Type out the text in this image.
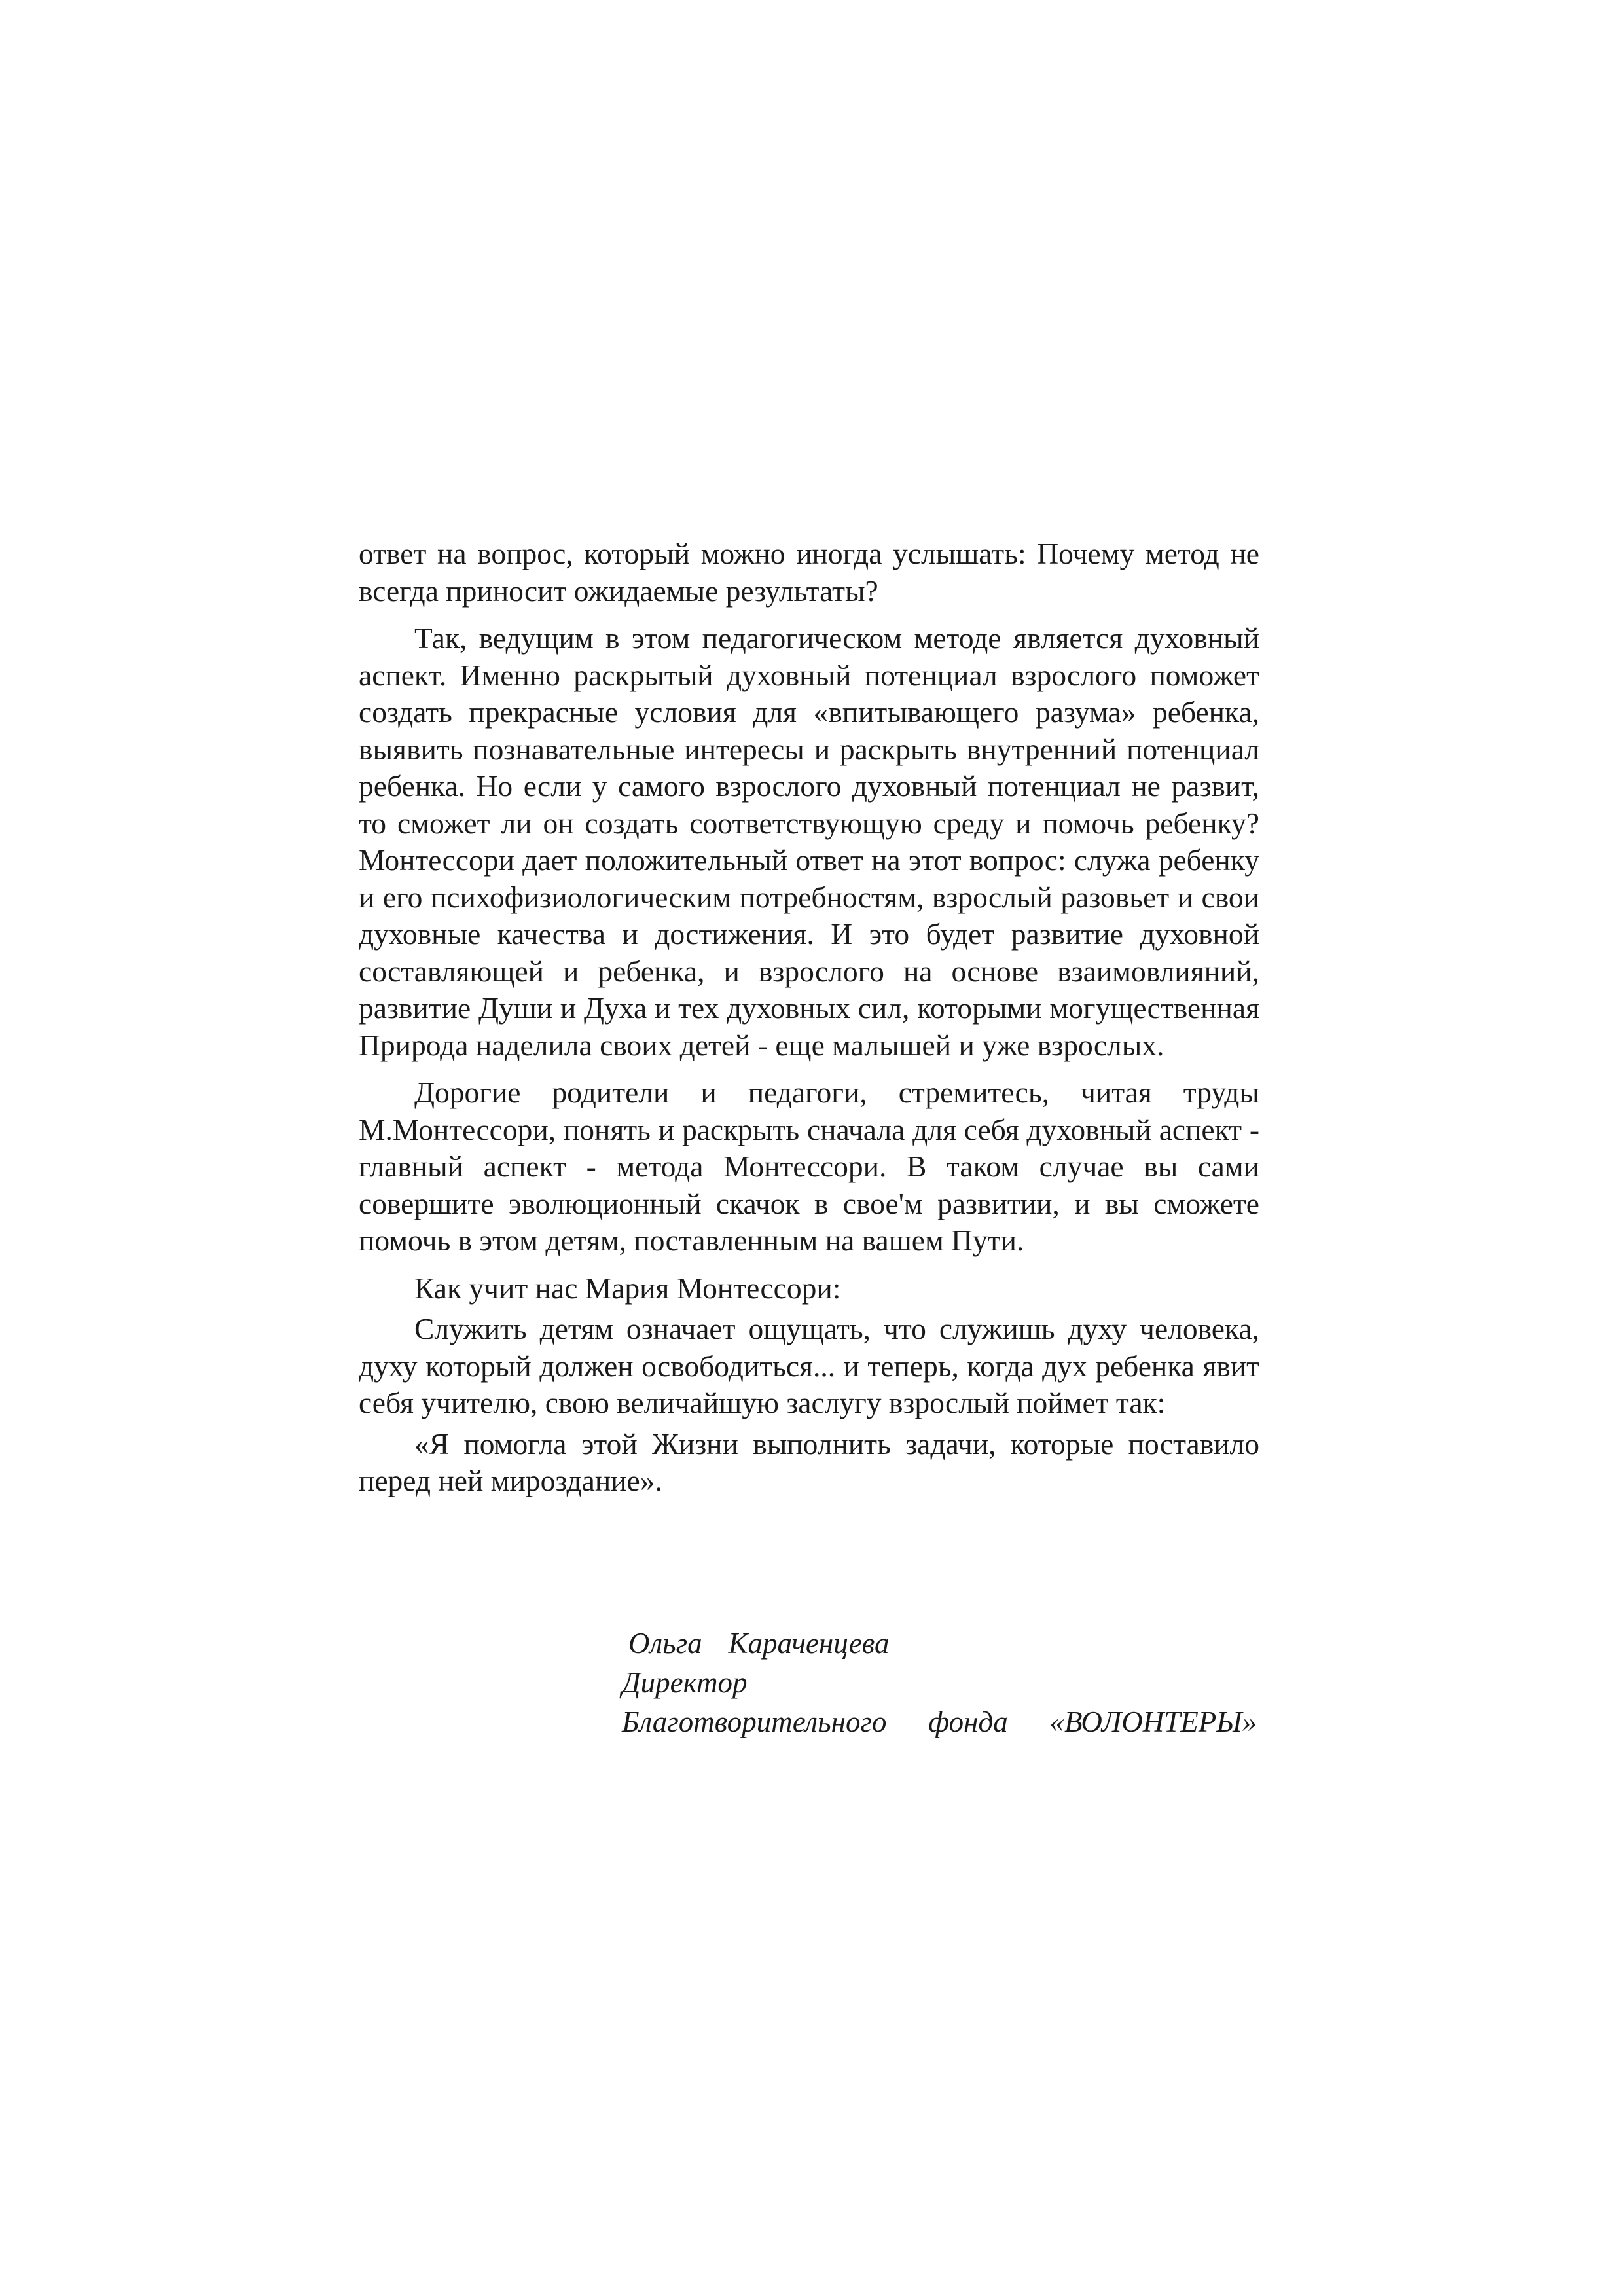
ответ на вопрос, который можно иногда услышать: Почему метод не всегда приносит ожидаемые результаты?

Так, ведущим в этом педагогическом методе является духовный аспект. Именно раскрытый духовный потенциал взрослого поможет создать прекрасные условия для «впитывающего разума» ребенка, выявить познавательные интересы и раскрыть внутренний потенциал ребенка. Но если у самого взрослого духовный потенциал не развит, то сможет ли он создать соответствующую среду и помочь ребенку? Монтессори дает положительный ответ на этот вопрос: служа ребенку и его психофизиологическим потребностям, взрослый разовьет и свои духовные качества и достижения. И это будет развитие духовной составляющей и ребенка, и взрослого на основе взаимовлияний, развитие Души и Духа и тех духовных сил, которыми могущественная Природа наделила своих детей - еще малышей и уже взрослых.

Дорогие родители и педагоги, стремитесь, читая труды М.Монтессори, понять и раскрыть сначала для себя духовный аспект - главный аспект - метода Монтессори. В таком случае вы сами совершите эволюционный скачок в свое'м развитии, и вы сможете помочь в этом детям, поставленным на вашем Пути.

Как учит нас Мария Монтессори:

Служить детям означает ощущать, что служишь духу человека, духу который должен освободиться... и теперь, когда дух ребенка явит себя учителю, свою величайшую заслугу взрослый поймет так:

«Я помогла этой Жизни выполнить задачи, которые поставило перед ней мироздание».

Ольга Караченцева
Директор
Благотворительного фонда «ВОЛОНТЕРЫ»
